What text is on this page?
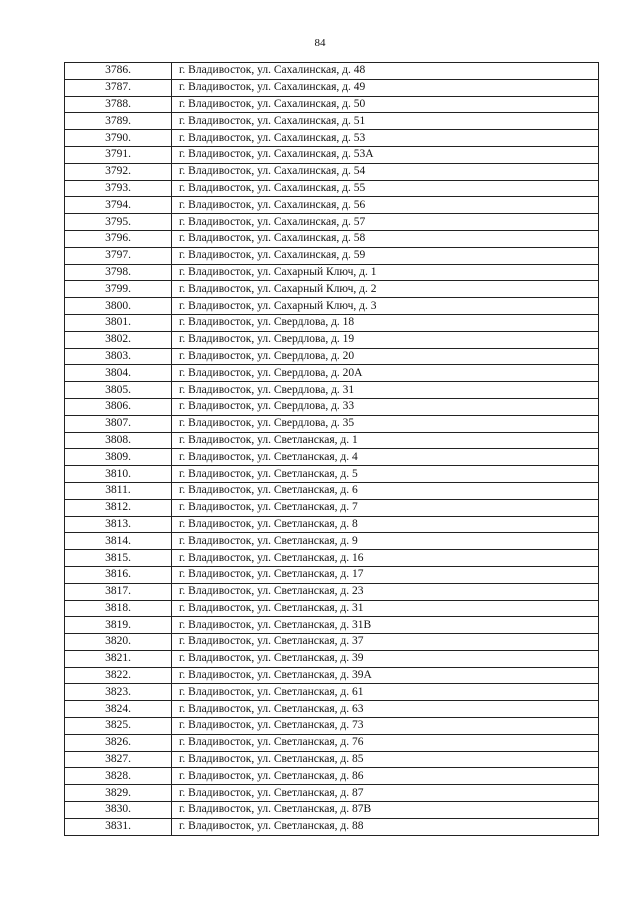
84
3786.	г. Владивосток, ул. Сахалинская, д. 48
3787.	г. Владивосток, ул. Сахалинская, д. 49
3788.	г. Владивосток, ул. Сахалинская, д. 50
3789.	г. Владивосток, ул. Сахалинская, д. 51
3790.	г. Владивосток, ул. Сахалинская, д. 53
3791.	г. Владивосток, ул. Сахалинская, д. 53А
3792.	г. Владивосток, ул. Сахалинская, д. 54
3793.	г. Владивосток, ул. Сахалинская, д. 55
3794.	г. Владивосток, ул. Сахалинская, д. 56
3795.	г. Владивосток, ул. Сахалинская, д. 57
3796.	г. Владивосток, ул. Сахалинская, д. 58
3797.	г. Владивосток, ул. Сахалинская, д. 59
3798.	г. Владивосток, ул. Сахарный Ключ, д. 1
3799.	г. Владивосток, ул. Сахарный Ключ, д. 2
3800.	г. Владивосток, ул. Сахарный Ключ, д. 3
3801.	г. Владивосток, ул. Свердлова, д. 18
3802.	г. Владивосток, ул. Свердлова, д. 19
3803.	г. Владивосток, ул. Свердлова, д. 20
3804.	г. Владивосток, ул. Свердлова, д. 20А
3805.	г. Владивосток, ул. Свердлова, д. 31
3806.	г. Владивосток, ул. Свердлова, д. 33
3807.	г. Владивосток, ул. Свердлова, д. 35
3808.	г. Владивосток, ул. Светланская, д. 1
3809.	г. Владивосток, ул. Светланская, д. 4
3810.	г. Владивосток, ул. Светланская, д. 5
3811.	г. Владивосток, ул. Светланская, д. 6
3812.	г. Владивосток, ул. Светланская, д. 7
3813.	г. Владивосток, ул. Светланская, д. 8
3814.	г. Владивосток, ул. Светланская, д. 9
3815.	г. Владивосток, ул. Светланская, д. 16
3816.	г. Владивосток, ул. Светланская, д. 17
3817.	г. Владивосток, ул. Светланская, д. 23
3818.	г. Владивосток, ул. Светланская, д. 31
3819.	г. Владивосток, ул. Светланская, д. 31В
3820.	г. Владивосток, ул. Светланская, д. 37
3821.	г. Владивосток, ул. Светланская, д. 39
3822.	г. Владивосток, ул. Светланская, д. 39А
3823.	г. Владивосток, ул. Светланская, д. 61
3824.	г. Владивосток, ул. Светланская, д. 63
3825.	г. Владивосток, ул. Светланская, д. 73
3826.	г. Владивосток, ул. Светланская, д. 76
3827.	г. Владивосток, ул. Светланская, д. 85
3828.	г. Владивосток, ул. Светланская, д. 86
3829.	г. Владивосток, ул. Светланская, д. 87
3830.	г. Владивосток, ул. Светланская, д. 87В
3831.	г. Владивосток, ул. Светланская, д. 88
